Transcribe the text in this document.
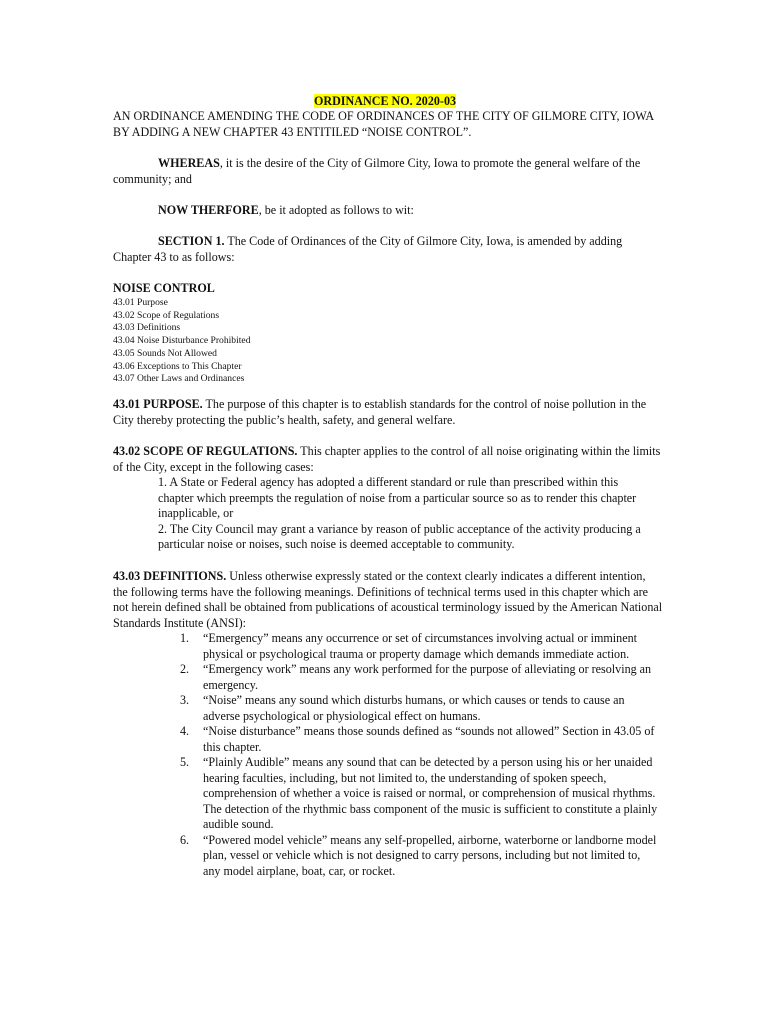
ORDINANCE NO. 2020-03

AN ORDINANCE AMENDING THE CODE OF ORDINANCES OF THE CITY OF GILMORE CITY, IOWA BY ADDING A NEW CHAPTER 43 ENTITILED “NOISE CONTROL”.

WHEREAS, it is the desire of the City of Gilmore City, Iowa to promote the general welfare of the community; and

NOW THERFORE, be it adopted as follows to wit:

SECTION 1. The Code of Ordinances of the City of Gilmore City, Iowa, is amended by adding Chapter 43 to as follows:

NOISE CONTROL

43.01 Purpose
43.02 Scope of Regulations
43.03 Definitions
43.04 Noise Disturbance Prohibited
43.05 Sounds Not Allowed
43.06 Exceptions to This Chapter
43.07 Other Laws and Ordinances

43.01 PURPOSE. The purpose of this chapter is to establish standards for the control of noise pollution in the City thereby protecting the public’s health, safety, and general welfare.

43.02 SCOPE OF REGULATIONS. This chapter applies to the control of all noise originating within the limits of the City, except in the following cases:

1. A State or Federal agency has adopted a different standard or rule than prescribed within this chapter which preempts the regulation of noise from a particular source so as to render this chapter inapplicable, or

2. The City Council may grant a variance by reason of public acceptance of the activity producing a particular noise or noises, such noise is deemed acceptable to community.

43.03 DEFINITIONS. Unless otherwise expressly stated or the context clearly indicates a different intention, the following terms have the following meanings. Definitions of technical terms used in this chapter which are not herein defined shall be obtained from publications of acoustical terminology issued by the American National Standards Institute (ANSI):

1.	“Emergency” means any occurrence or set of circumstances involving actual or imminent physical or psychological trauma or property damage which demands immediate action.
2.	“Emergency work” means any work performed for the purpose of alleviating or resolving an emergency.
3.	“Noise” means any sound which disturbs humans, or which causes or tends to cause an adverse psychological or physiological effect on humans.
4.	“Noise disturbance” means those sounds defined as “sounds not allowed” Section in 43.05 of this chapter.
5.	“Plainly Audible” means any sound that can be detected by a person using his or her unaided hearing faculties, including, but not limited to, the understanding of spoken speech, comprehension of whether a voice is raised or normal, or comprehension of musical rhythms. The detection of the rhythmic bass component of the music is sufficient to constitute a plainly audible sound.
6.	“Powered model vehicle” means any self-propelled, airborne, waterborne or landborne model plan, vessel or vehicle which is not designed to carry persons, including but not limited to, any model airplane, boat, car, or rocket.
